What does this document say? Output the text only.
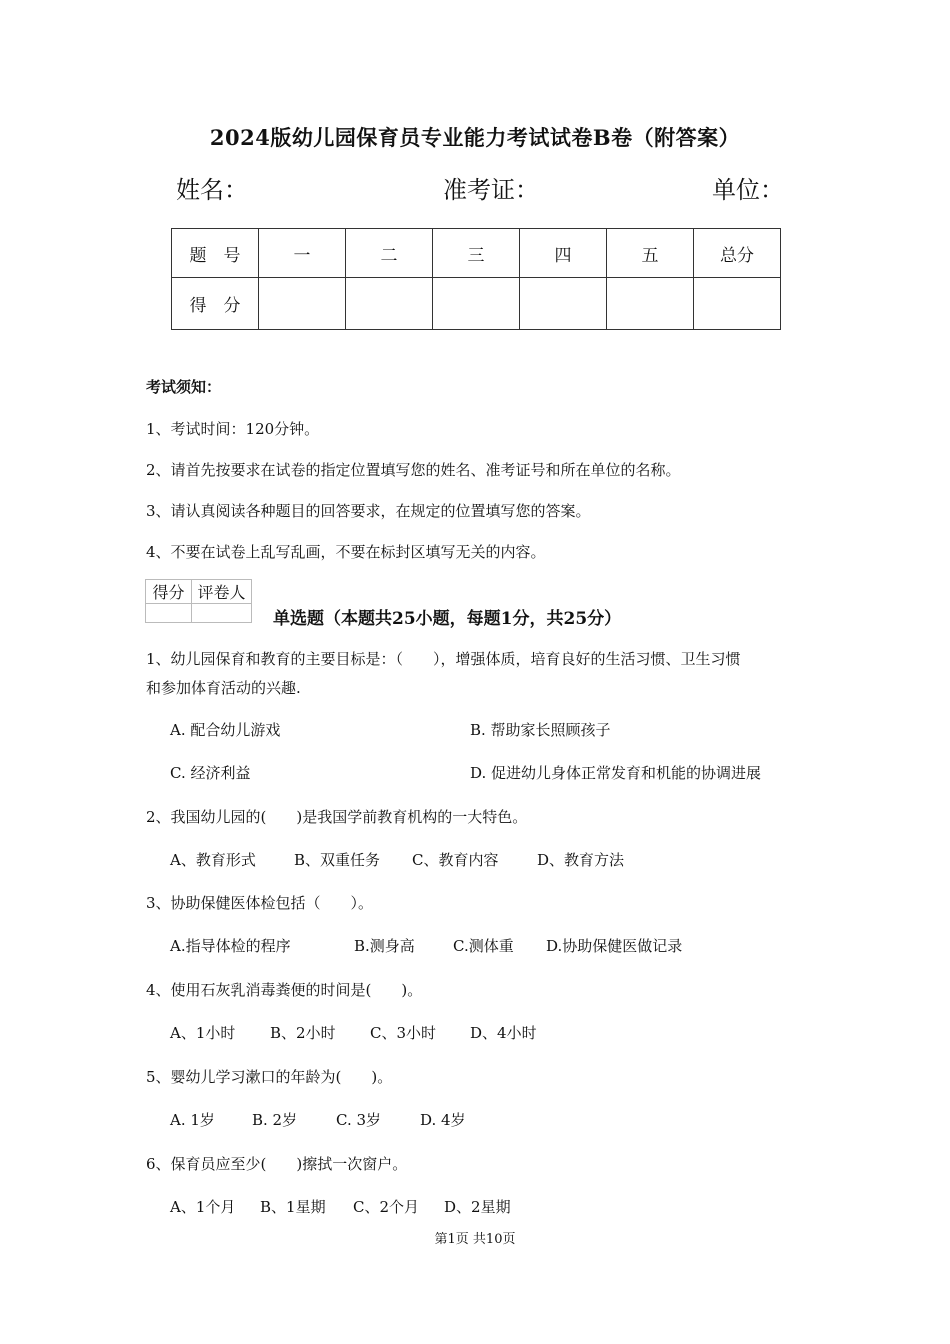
2024版幼儿园保育员专业能力考试试卷B卷（附答案）
姓名：	准考证：	单位：
题　号	一	二	三	四	五	总分
得　分						
考试须知：
1、考试时间：120分钟。
2、请首先按要求在试卷的指定位置填写您的姓名、准考证号和所在单位的名称。
3、请认真阅读各种题目的回答要求，在规定的位置填写您的答案。
4、不要在试卷上乱写乱画，不要在标封区填写无关的内容。
得分	评卷人

单选题（本题共25小题，每题1分，共25分）
1、幼儿园保育和教育的主要目标是：（　　），增强体质，培育良好的生活习惯、卫生习惯
和参加体育活动的兴趣.
A. 配合幼儿游戏	B. 帮助家长照顾孩子
C. 经济利益	D. 促进幼儿身体正常发育和机能的协调进展
2、我国幼儿园的(　　)是我国学前教育机构的一大特色。
A、教育形式	B、双重任务 C、教育内容	D、教育方法
3、协助保健医体检包括（　　）。
A.指导体检的程序	B.测身高	C.测体重 D.协助保健医做记录
4、使用石灰乳消毒粪便的时间是(　　)。
A、1小时 B、2小时 C、3小时 D、4小时
5、婴幼儿学习漱口的年龄为(　　)。
A. 1岁 B. 2岁	C. 3岁	D. 4岁
6、保育员应至少(　　)擦拭一次窗户。
A、1个月 B、1星期 C、2个月 D、2星期
第1页 共10页
